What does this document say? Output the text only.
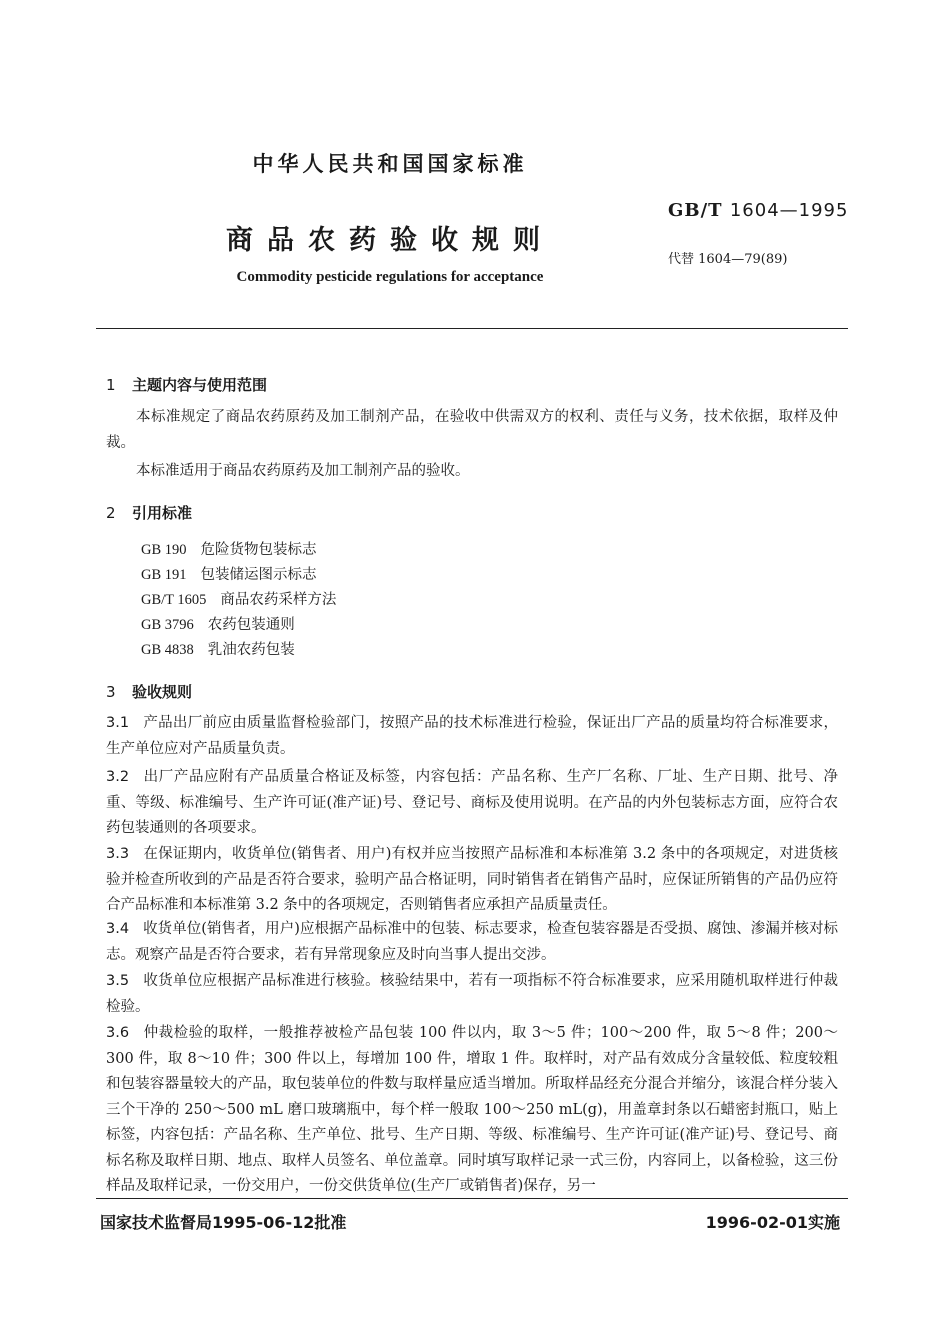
中华人民共和国国家标准
GB/T 1604—1995
商品农药验收规则
代替 1604—79(89)
Commodity pesticide regulations for acceptance
1 主题内容与使用范围

本标准规定了商品农药原药及加工制剂产品，在验收中供需双方的权利、责任与义务，技术依据，取样及仲裁。

本标准适用于商品农药原药及加工制剂产品的验收。

2 引用标准
GB 190 危险货物包装标志
GB 191 包装储运图示标志
GB/T 1605 商品农药采样方法
GB 3796 农药包装通则
GB 4838 乳油农药包装
3 验收规则

3.1 产品出厂前应由质量监督检验部门，按照产品的技术标准进行检验，保证出厂产品的质量均符合标准要求，生产单位应对产品质量负责。

3.2 出厂产品应附有产品质量合格证及标签，内容包括：产品名称、生产厂名称、厂址、生产日期、批号、净重、等级、标准编号、生产许可证(准产证)号、登记号、商标及使用说明。在产品的内外包装标志方面，应符合农药包装通则的各项要求。

3.3 在保证期内，收货单位(销售者、用户)有权并应当按照产品标准和本标准第 3.2 条中的各项规定，对进货核验并检查所收到的产品是否符合要求，验明产品合格证明，同时销售者在销售产品时，应保证所销售的产品仍应符合产品标准和本标准第 3.2 条中的各项规定，否则销售者应承担产品质量责任。

3.4 收货单位(销售者，用户)应根据产品标准中的包装、标志要求，检查包装容器是否受损、腐蚀、渗漏并核对标志。观察产品是否符合要求，若有异常现象应及时向当事人提出交涉。

3.5 收货单位应根据产品标准进行核验。核验结果中，若有一项指标不符合标准要求，应采用随机取样进行仲裁检验。

3.6 仲裁检验的取样，一般推荐被检产品包装 100 件以内，取 3～5 件；100～200 件，取 5～8 件；200～300 件，取 8～10 件；300 件以上，每增加 100 件，增取 1 件。取样时，对产品有效成分含量较低、粒度较粗和包装容器量较大的产品，取包装单位的件数与取样量应适当增加。所取样品经充分混合并缩分，该混合样分装入三个干净的 250～500 mL 磨口玻璃瓶中，每个样一般取 100～250 mL(g)，用盖章封条以石蜡密封瓶口，贴上标签，内容包括：产品名称、生产单位、批号、生产日期、等级、标准编号、生产许可证(准产证)号、登记号、商标名称及取样日期、地点、取样人员签名、单位盖章。同时填写取样记录一式三份，内容同上，以备检验，这三份样品及取样记录，一份交用户，一份交供货单位(生产厂或销售者)保存，另一

国家技术监督局1995-06-12批准	1996-02-01实施
